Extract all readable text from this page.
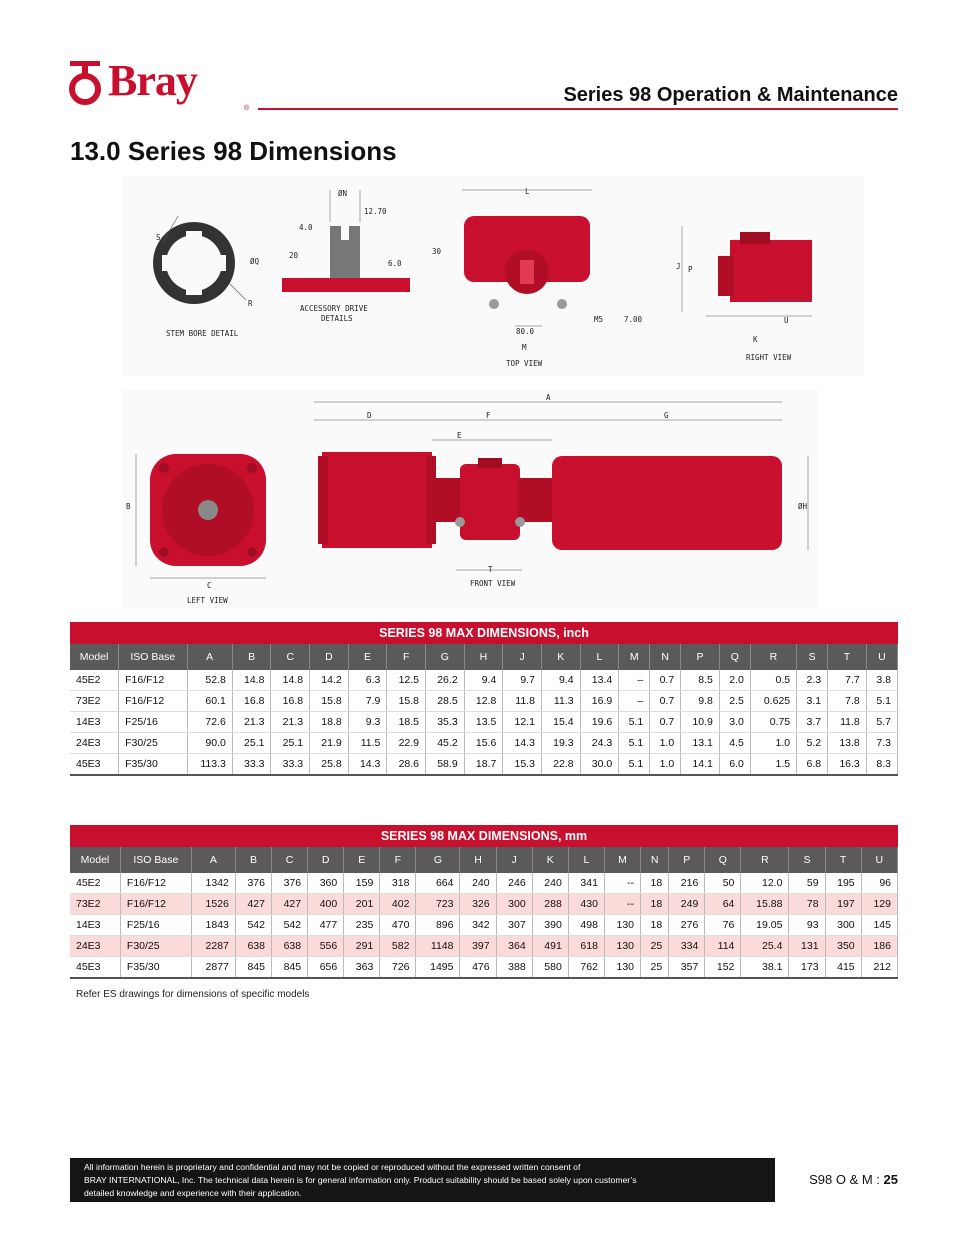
Bray
®
Series 98 Operation & Maintenance
13.0 Series 98 Dimensions
S
ØQ
R
STEM BORE DETAIL
ØN
12.70
4.0
20
6.0
ACCESSORY DRIVE
DETAILS
L
30
80.0
M
M5	7.00
TOP VIEW
J P
U
K
RIGHT VIEW
B
C
LEFT VIEW
A
D	F	G
E
ØH
T
FRONT VIEW
SERIES 98 MAX DIMENSIONS, inch
Model	ISO Base	A	B	C	D	E	F	G	H	J	K	L	M	N	P	Q	R	S	T	U
45E2	F16/F12	52.8	14.8	14.8	14.2	6.3	12.5	26.2	9.4	9.7	9.4	13.4	–	0.7	8.5	2.0	0.5	2.3	7.7	3.8
73E2	F16/F12	60.1	16.8	16.8	15.8	7.9	15.8	28.5	12.8	11.8	11.3	16.9	–	0.7	9.8	2.5	0.625	3.1	7.8	5.1
14E3	F25/16	72.6	21.3	21.3	18.8	9.3	18.5	35.3	13.5	12.1	15.4	19.6	5.1	0.7	10.9	3.0	0.75	3.7	11.8	5.7
24E3	F30/25	90.0	25.1	25.1	21.9	11.5	22.9	45.2	15.6	14.3	19.3	24.3	5.1	1.0	13.1	4.5	1.0	5.2	13.8	7.3
45E3	F35/30	113.3	33.3	33.3	25.8	14.3	28.6	58.9	18.7	15.3	22.8	30.0	5.1	1.0	14.1	6.0	1.5	6.8	16.3	8.3
SERIES 98 MAX DIMENSIONS, mm
Model	ISO Base	A	B	C	D	E	F	G	H	J	K	L	M	N	P	Q	R	S	T	U
45E2	F16/F12	1342	376	376	360	159	318	664	240	246	240	341	--	18	216	50	12.0	59	195	96
73E2	F16/F12	1526	427	427	400	201	402	723	326	300	288	430	--	18	249	64	15.88	78	197	129
14E3	F25/16	1843	542	542	477	235	470	896	342	307	390	498	130	18	276	76	19.05	93	300	145
24E3	F30/25	2287	638	638	556	291	582	1148	397	364	491	618	130	25	334	114	25.4	131	350	186
45E3	F35/30	2877	845	845	656	363	726	1495	476	388	580	762	130	25	357	152	38.1	173	415	212
Refer ES drawings for dimensions of specific models
All information herein is proprietary and confidential and may not be copied or reproduced without the expressed written consent of
BRAY INTERNATIONAL, Inc. The technical data herein is for general information only. Product suitability should be based solely upon customer’s
detailed knowledge and experience with their application.
S98 O & M : 25
